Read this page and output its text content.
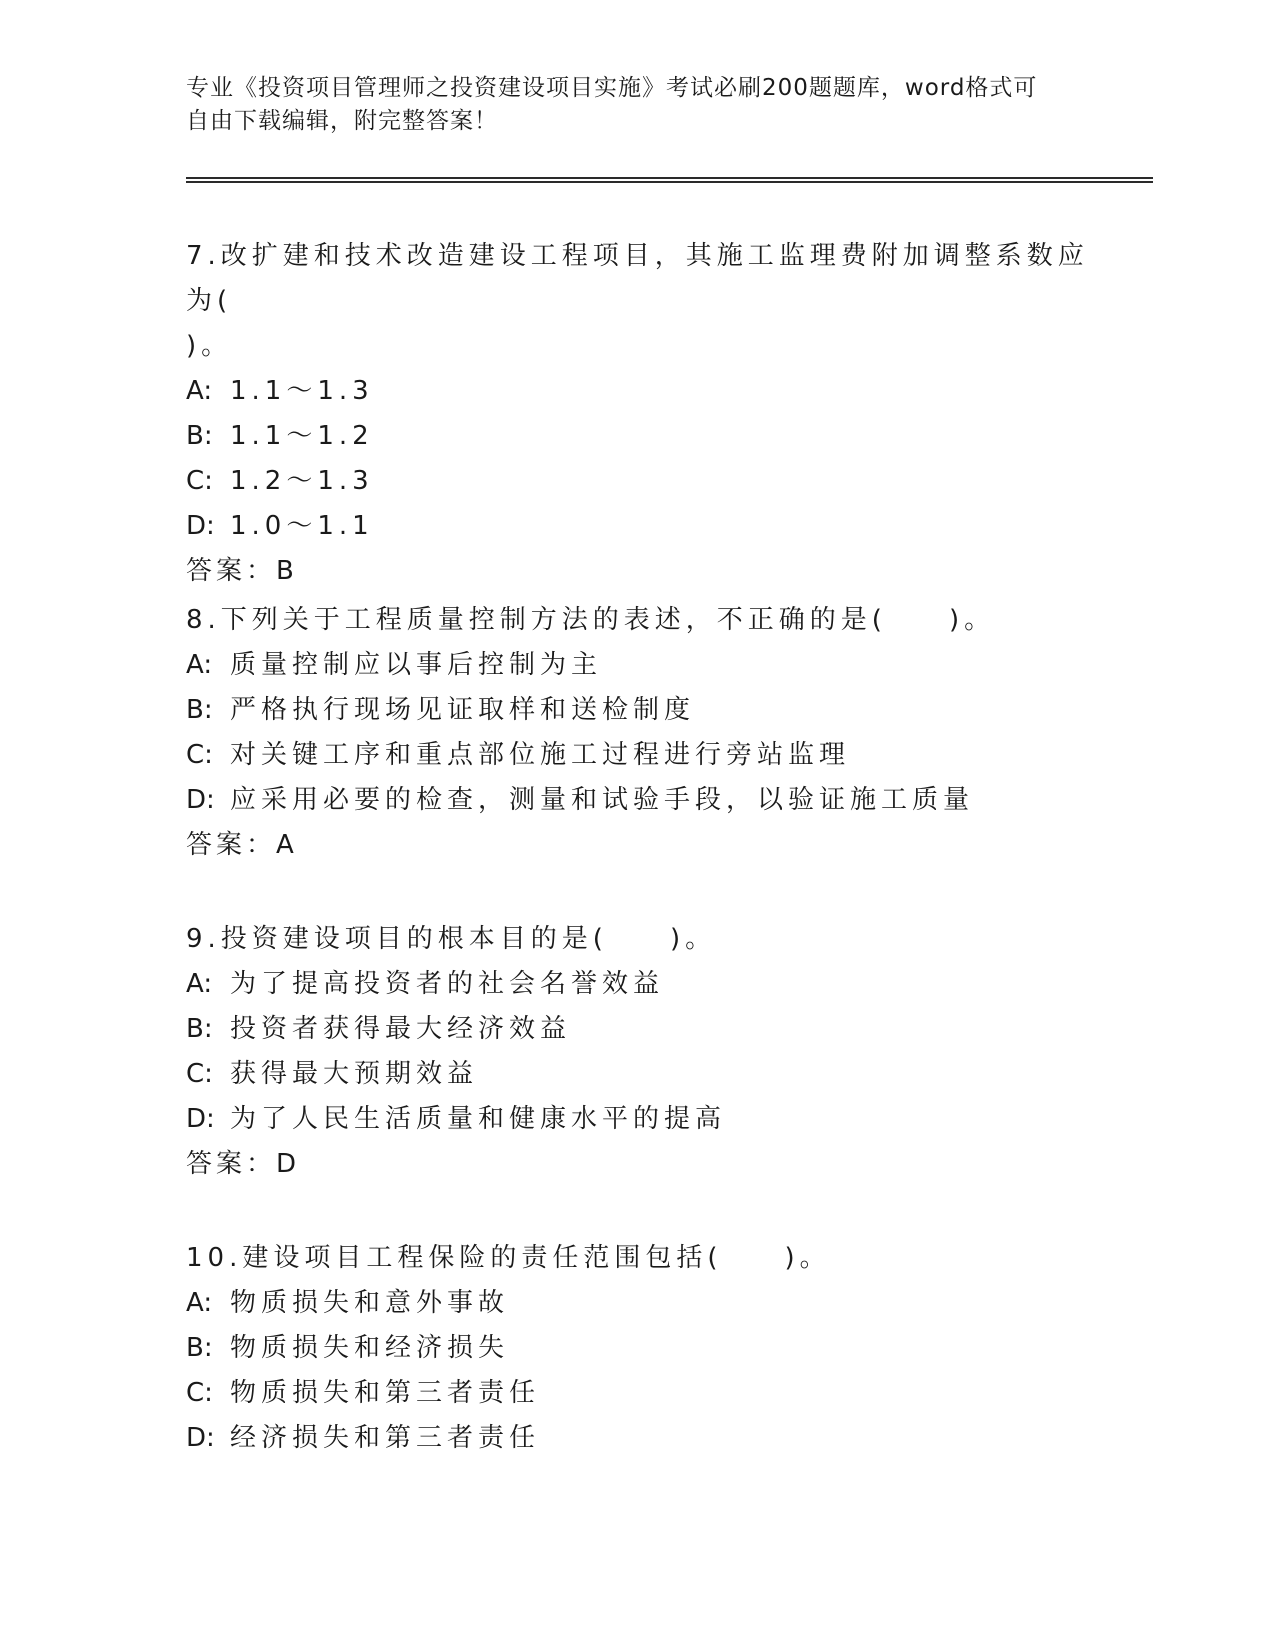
专业《投资项目管理师之投资建设项目实施》考试必刷200题题库，word格式可
自由下载编辑，附完整答案！
7.改扩建和技术改造建设工程项目，其施工监理费附加调整系数应为(
)。
A: 1.1～1.3
B: 1.1～1.2
C: 1.2～1.3
D: 1.0～1.1
答案：B
8.下列关于工程质量控制方法的表述，不正确的是(　　)。
A: 质量控制应以事后控制为主
B: 严格执行现场见证取样和送检制度
C: 对关键工序和重点部位施工过程进行旁站监理
D: 应采用必要的检查，测量和试验手段，以验证施工质量
答案：A
9.投资建设项目的根本目的是(　　)。
A: 为了提高投资者的社会名誉效益
B: 投资者获得最大经济效益
C: 获得最大预期效益
D: 为了人民生活质量和健康水平的提高
答案：D
10.建设项目工程保险的责任范围包括(　　)。
A: 物质损失和意外事故
B: 物质损失和经济损失
C: 物质损失和第三者责任
D: 经济损失和第三者责任
